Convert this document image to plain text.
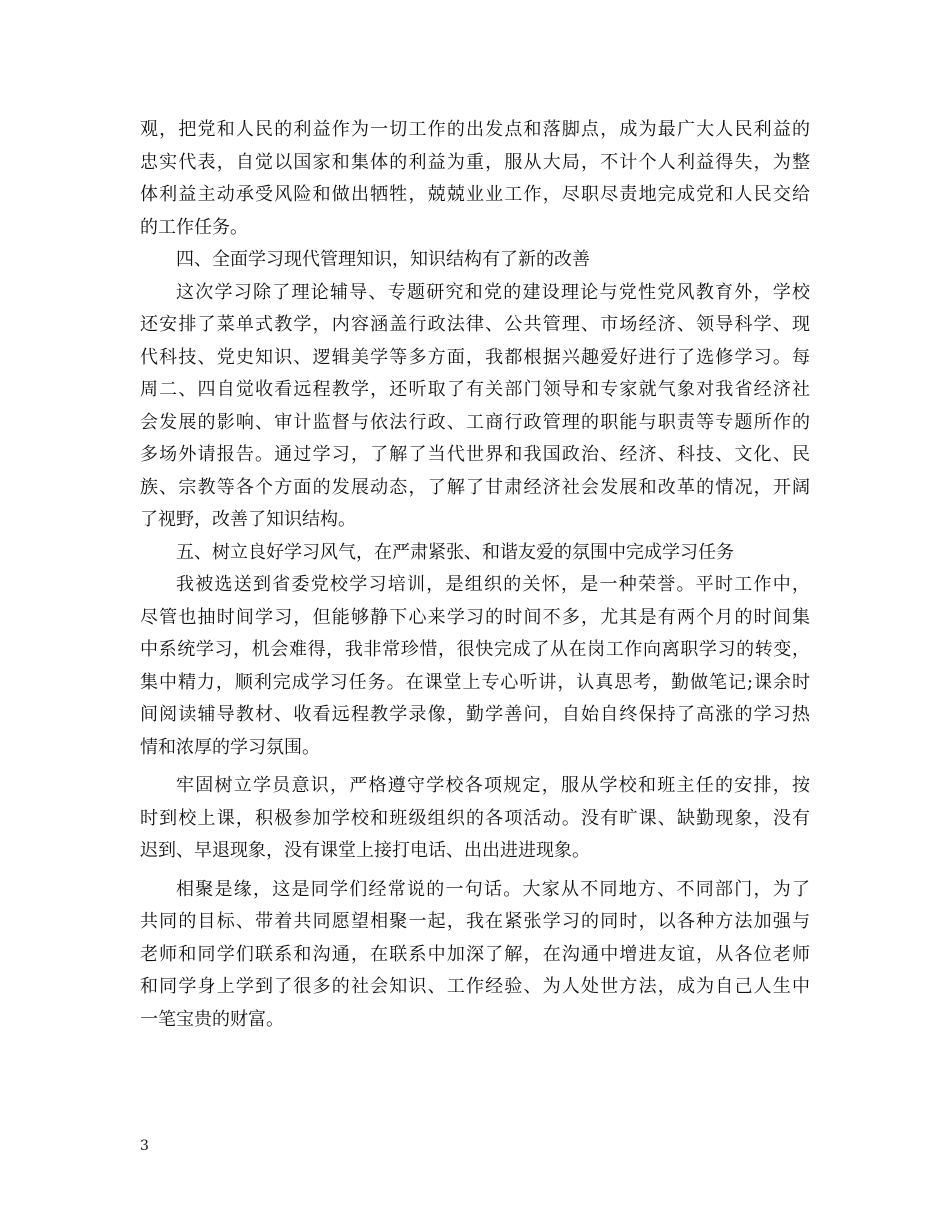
观，把党和人民的利益作为一切工作的出发点和落脚点，成为最广大人民利益的
忠实代表，自觉以国家和集体的利益为重，服从大局，不计个人利益得失，为整
体利益主动承受风险和做出牺牲，兢兢业业工作，尽职尽责地完成党和人民交给
的工作任务。
四、全面学习现代管理知识，知识结构有了新的改善
这次学习除了理论辅导、专题研究和党的建设理论与党性党风教育外，学校
还安排了菜单式教学，内容涵盖行政法律、公共管理、市场经济、领导科学、现
代科技、党史知识、逻辑美学等多方面，我都根据兴趣爱好进行了选修学习。每
周二、四自觉收看远程教学，还听取了有关部门领导和专家就气象对我省经济社
会发展的影响、审计监督与依法行政、工商行政管理的职能与职责等专题所作的
多场外请报告。通过学习，了解了当代世界和我国政治、经济、科技、文化、民
族、宗教等各个方面的发展动态，了解了甘肃经济社会发展和改革的情况，开阔
了视野，改善了知识结构。
五、树立良好学习风气，在严肃紧张、和谐友爱的氛围中完成学习任务
我被选送到省委党校学习培训，是组织的关怀，是一种荣誉。平时工作中，
尽管也抽时间学习，但能够静下心来学习的时间不多，尤其是有两个月的时间集
中系统学习，机会难得，我非常珍惜，很快完成了从在岗工作向离职学习的转变，
集中精力，顺利完成学习任务。在课堂上专心听讲，认真思考，勤做笔记;课余时
间阅读辅导教材、收看远程教学录像，勤学善问，自始自终保持了高涨的学习热
情和浓厚的学习氛围。
牢固树立学员意识，严格遵守学校各项规定，服从学校和班主任的安排，按
时到校上课，积极参加学校和班级组织的各项活动。没有旷课、缺勤现象，没有
迟到、早退现象，没有课堂上接打电话、出出进进现象。
相聚是缘，这是同学们经常说的一句话。大家从不同地方、不同部门，为了
共同的目标、带着共同愿望相聚一起，我在紧张学习的同时，以各种方法加强与
老师和同学们联系和沟通，在联系中加深了解，在沟通中增进友谊，从各位老师
和同学身上学到了很多的社会知识、工作经验、为人处世方法，成为自己人生中
一笔宝贵的财富。
3
